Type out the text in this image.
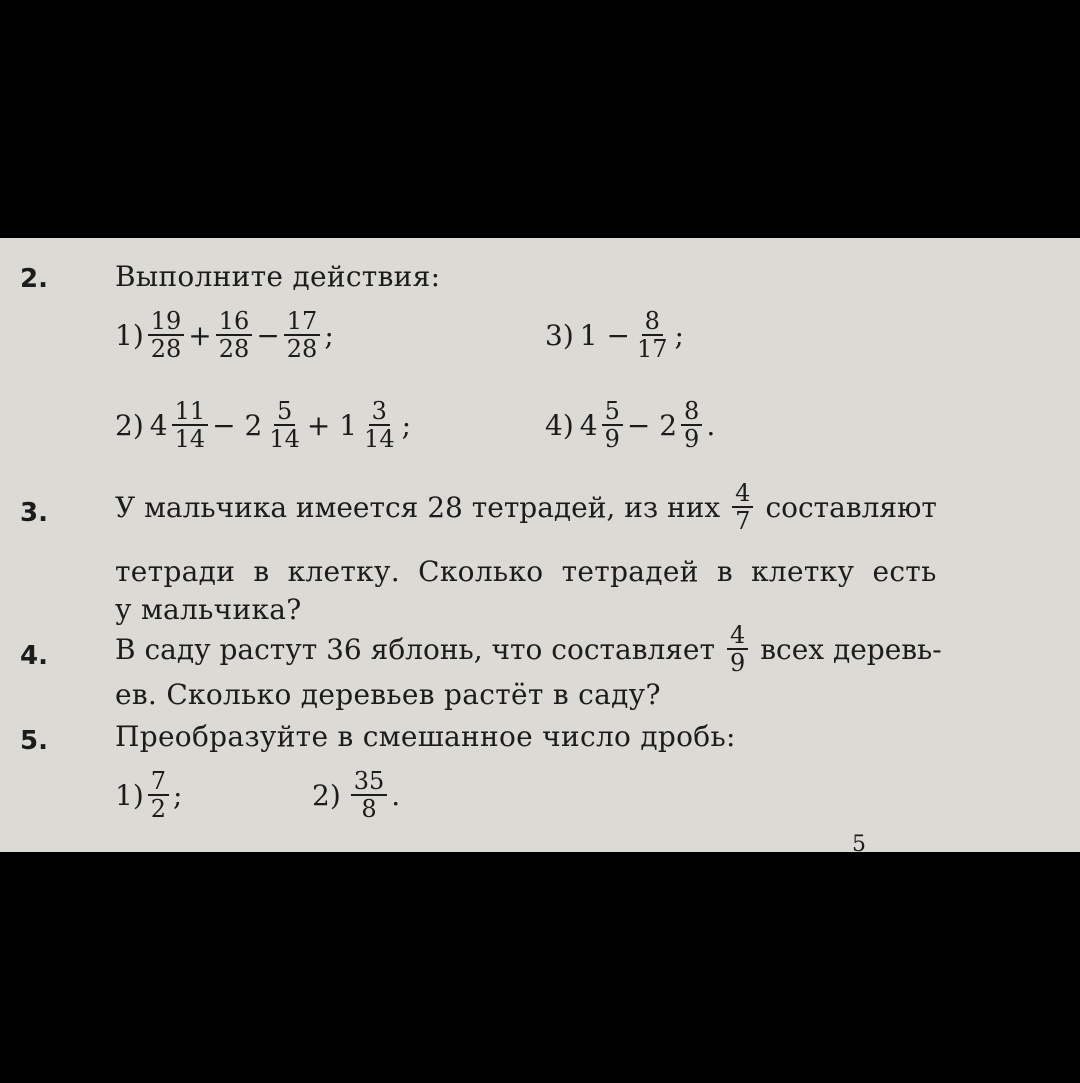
2. Выполните действия:
$1) \frac{19}{28} + \frac{16}{28} - \frac{17}{28}$ ;	3) $1 - \frac{8}{17}$ ;
2) $4 \frac{11}{14} - 2 \frac{5}{14} + 1 \frac{3}{14}$ ;	4) $4 \frac{5}{9} - 2 \frac{8}{9}$ .
3. У мальчика имеется 28 тетрадей, из них $\frac{4}{7}$ составляют
тетради в клетку. Сколько тетрадей в клетку есть
у мальчика?
4. В саду растут 36 яблонь, что составляет $\frac{4}{9}$ всех деревь-
ев. Сколько деревьев растёт в саду?
5. Преобразуйте в смешанное число дробь:
$1) \frac{7}{2}$ ;	$2) \frac{35}{8}$ .
5
